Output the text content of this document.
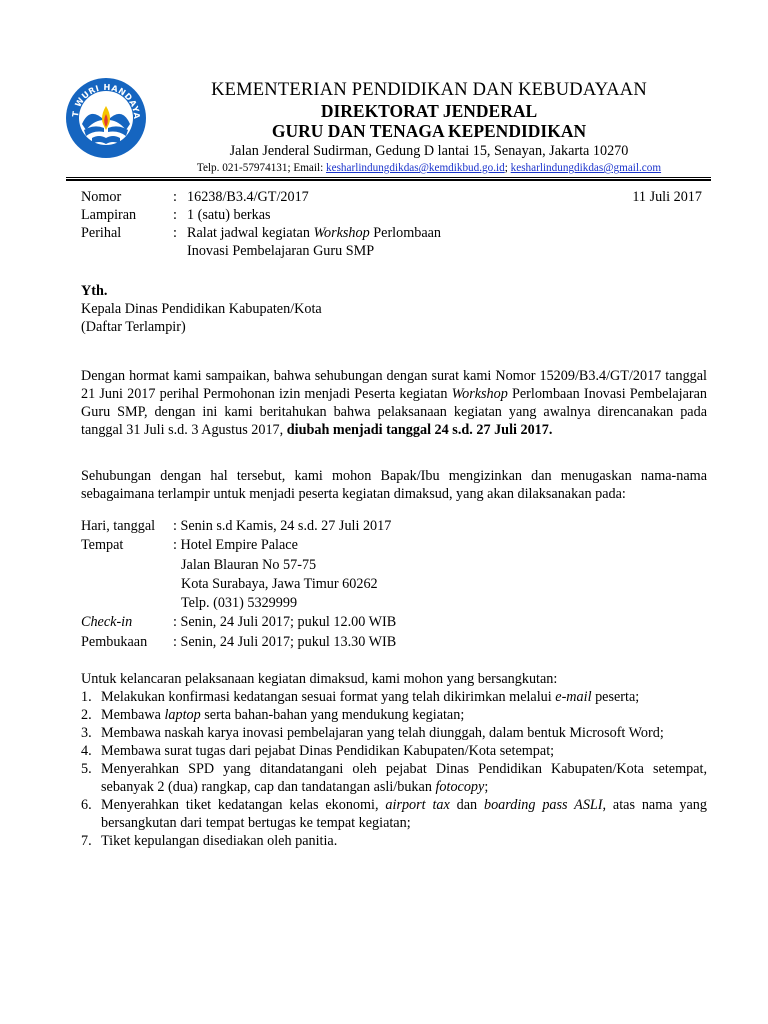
T WURI HANDAYA
KEMENTERIAN PENDIDIKAN DAN KEBUDAYAAN
DIREKTORAT JENDERAL
GURU DAN TENAGA KEPENDIDIKAN
Jalan Jenderal Sudirman, Gedung D lantai 15, Senayan, Jakarta 10270
Telp. 021-57974131; Email: kesharlindungdikdas@kemdikbud.go.id; kesharlindungdikdas@gmail.com
Nomor	: 16238/B3.4/GT/2017
Lampiran	: 1 (satu) berkas
Perihal	: Ralat jadwal kegiatan Workshop Perlombaan
Inovasi Pembelajaran Guru SMP
11 Juli 2017
Yth.
Kepala Dinas Pendidikan Kabupaten/Kota
(Daftar Terlampir)
Dengan hormat kami sampaikan, bahwa sehubungan dengan surat kami Nomor 15209/B3.4/GT/2017 tanggal 21 Juni 2017 perihal Permohonan izin menjadi Peserta kegiatan Workshop Perlombaan Inovasi Pembelajaran Guru SMP, dengan ini kami beritahukan bahwa pelaksanaan kegiatan yang awalnya direncanakan pada tanggal 31 Juli s.d. 3 Agustus 2017, diubah menjadi tanggal 24 s.d. 27 Juli 2017.
Sehubungan dengan hal tersebut, kami mohon Bapak/Ibu mengizinkan dan menugaskan nama-nama sebagaimana terlampir untuk menjadi peserta kegiatan dimaksud, yang akan dilaksanakan pada:
Hari, tanggal	: Senin s.d Kamis, 24 s.d. 27 Juli 2017
Tempat	: Hotel Empire Palace
Jalan Blauran No 57-75
Kota Surabaya, Jawa Timur 60262
Telp. (031) 5329999
Check-in	: Senin, 24 Juli 2017; pukul 12.00 WIB
Pembukaan	: Senin, 24 Juli 2017; pukul 13.30 WIB
Untuk kelancaran pelaksanaan kegiatan dimaksud, kami mohon yang bersangkutan:
1. Melakukan konfirmasi kedatangan sesuai format yang telah dikirimkan melalui e-mail peserta;
2. Membawa laptop serta bahan-bahan yang mendukung kegiatan;
3. Membawa naskah karya inovasi pembelajaran yang telah diunggah, dalam bentuk Microsoft Word;
4. Membawa surat tugas dari pejabat Dinas Pendidikan Kabupaten/Kota setempat;
5. Menyerahkan SPD yang ditandatangani oleh pejabat Dinas Pendidikan Kabupaten/Kota setempat, sebanyak 2 (dua) rangkap, cap dan tandatangan asli/bukan fotocopy;
6. Menyerahkan tiket kedatangan kelas ekonomi, airport tax dan boarding pass ASLI, atas nama yang bersangkutan dari tempat bertugas ke tempat kegiatan;
7. Tiket kepulangan disediakan oleh panitia.
